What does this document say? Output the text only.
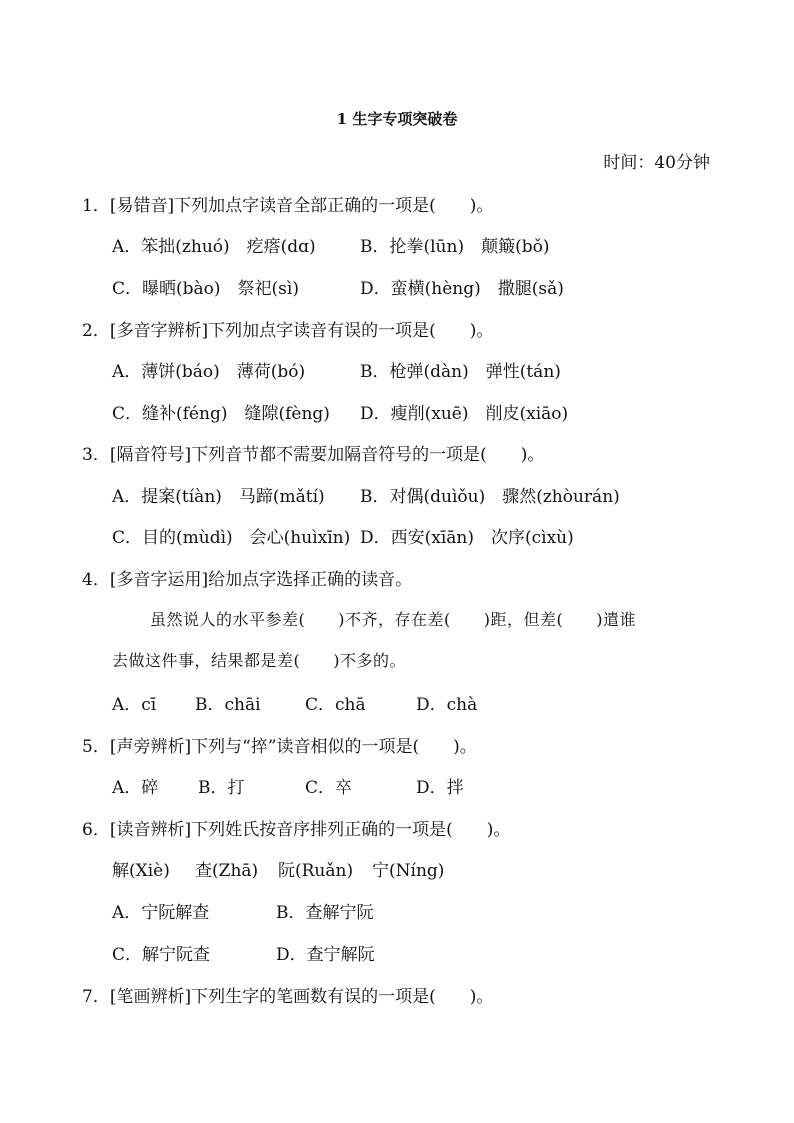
1 生字专项突破卷
时间：40分钟
1．[易错音]下列加点字读音全部正确的一项是(　　)。
A．笨拙(zhuó)　疙瘩(dɑ)	B．抡拳(lūn)　颠簸(bǒ)
C．曝晒(bào)　祭祀(sì)	D．蛮横(hèng)　撒腿(sǎ)
2．[多音字辨析]下列加点字读音有误的一项是(　　)。
A．薄饼(báo)　薄荷(bó)	B．枪弹(dàn)　弹性(tán)
C．缝补(féng)　缝隙(fèng) D．瘦削(xuē)　削皮(xiāo)
3．[隔音符号]下列音节都不需要加隔音符号的一项是(　　)。
A．提案(tíàn)　马蹄(mǎtí) B．对偶(duìǒu)　骤然(zhòurán)
C．目的(mùdì)　会心(huìxīn) D．西安(xīān)　次序(cìxù)
4．[多音字运用]给加点字选择正确的读音。
虽然说人的水平参差(　　)不齐，存在差(　　)距，但差(　　)遣谁
去做这件事，结果都是差(　　)不多的。
A．cī B．chāi	C．chā	D．chà
5．[声旁辨析]下列与“捽”读音相似的一项是(　　)。
A．碎 B．打	C．卒	D．拌
6．[读音辨析]下列姓氏按音序排列正确的一项是(　　)。
解(Xiè) 查(Zhā) 阮(Ruǎn) 宁(Níng)
A．宁阮解查	B．查解宁阮
C．解宁阮查	D．查宁解阮
7．[笔画辨析]下列生字的笔画数有误的一项是(　　)。
